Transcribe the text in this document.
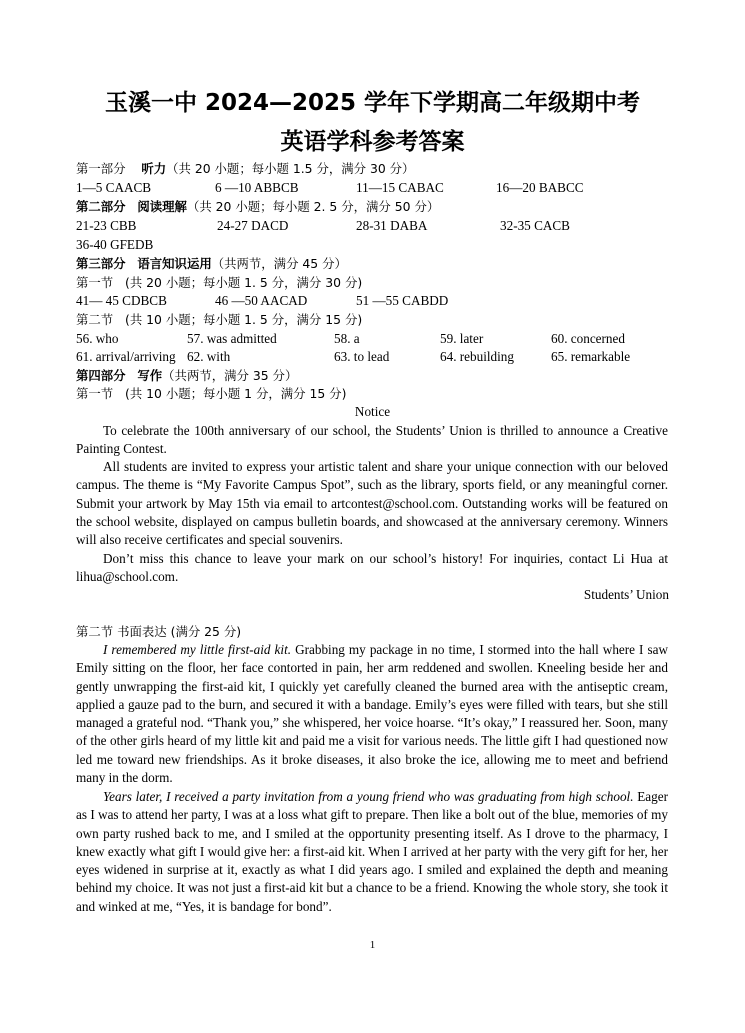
玉溪一中 2024—2025 学年下学期高二年级期中考
英语学科参考答案
第一部分 听力（共 20 小题；每小题 1.5 分，满分 30 分）
1—5 CAACB	6 —10 ABBCB	11—15 CABAC	16—20 BABCC
第二部分 阅读理解（共 20 小题；每小题 2. 5 分，满分 50 分）
21-23 CBB	24-27 DACD	28-31 DABA	32-35 CACB
36-40 GFEDB
第三部分 语言知识运用（共两节，满分 45 分）
第一节 (共 20 小题；每小题 1. 5 分，满分 30 分)
41— 45 CDBCB	46 —50 AACAD	51 —55 CABDD
第二节 (共 10 小题；每小题 1. 5 分，满分 15 分)
56. who	57. was admitted	58. a	59. later	60. concerned
61. arrival/arriving 62. with	63. to lead	64. rebuilding	65. remarkable
第四部分 写作（共两节，满分 35 分）
第一节 (共 10 小题；每小题 1 分，满分 15 分)
Notice
To celebrate the 100th anniversary of our school, the Students’ Union is thrilled to announce a Creative Painting Contest.
All students are invited to express your artistic talent and share your unique connection with our beloved campus. The theme is “My Favorite Campus Spot”, such as the library, sports field, or any meaningful corner. Submit your artwork by May 15th via email to artcontest@school.com. Outstanding works will be featured on the school website, displayed on campus bulletin boards, and showcased at the anniversary ceremony. Winners will also receive certificates and special souvenirs.
Don’t miss this chance to leave your mark on our school’s history! For inquiries, contact Li Hua at lihua@school.com.
Students’ Union
第二节 书面表达 (满分 25 分)
I remembered my little first-aid kit. Grabbing my package in no time, I stormed into the hall where I saw Emily sitting on the floor, her face contorted in pain, her arm reddened and swollen. Kneeling beside her and gently unwrapping the first-aid kit, I quickly yet carefully cleaned the burned area with the antiseptic cream, applied a gauze pad to the burn, and secured it with a bandage. Emily’s eyes were filled with tears, but she still managed a grateful nod. “Thank you,” she whispered, her voice hoarse. “It’s okay,” I reassured her. Soon, many of the other girls heard of my little kit and paid me a visit for various needs. The little gift I had questioned now led me toward new friendships. As it broke diseases, it also broke the ice, allowing me to meet and befriend many in the dorm.
Years later, I received a party invitation from a young friend who was graduating from high school. Eager as I was to attend her party, I was at a loss what gift to prepare. Then like a bolt out of the blue, memories of my own party rushed back to me, and I smiled at the opportunity presenting itself. As I drove to the pharmacy, I knew exactly what gift I would give her: a first-aid kit. When I arrived at her party with the very gift for her, her eyes widened in surprise at it, exactly as what I did years ago. I smiled and explained the depth and meaning behind my choice. It was not just a first-aid kit but a chance to be a friend. Knowing the whole story, she took it and winked at me, “Yes, it is bandage for bond”.
1
